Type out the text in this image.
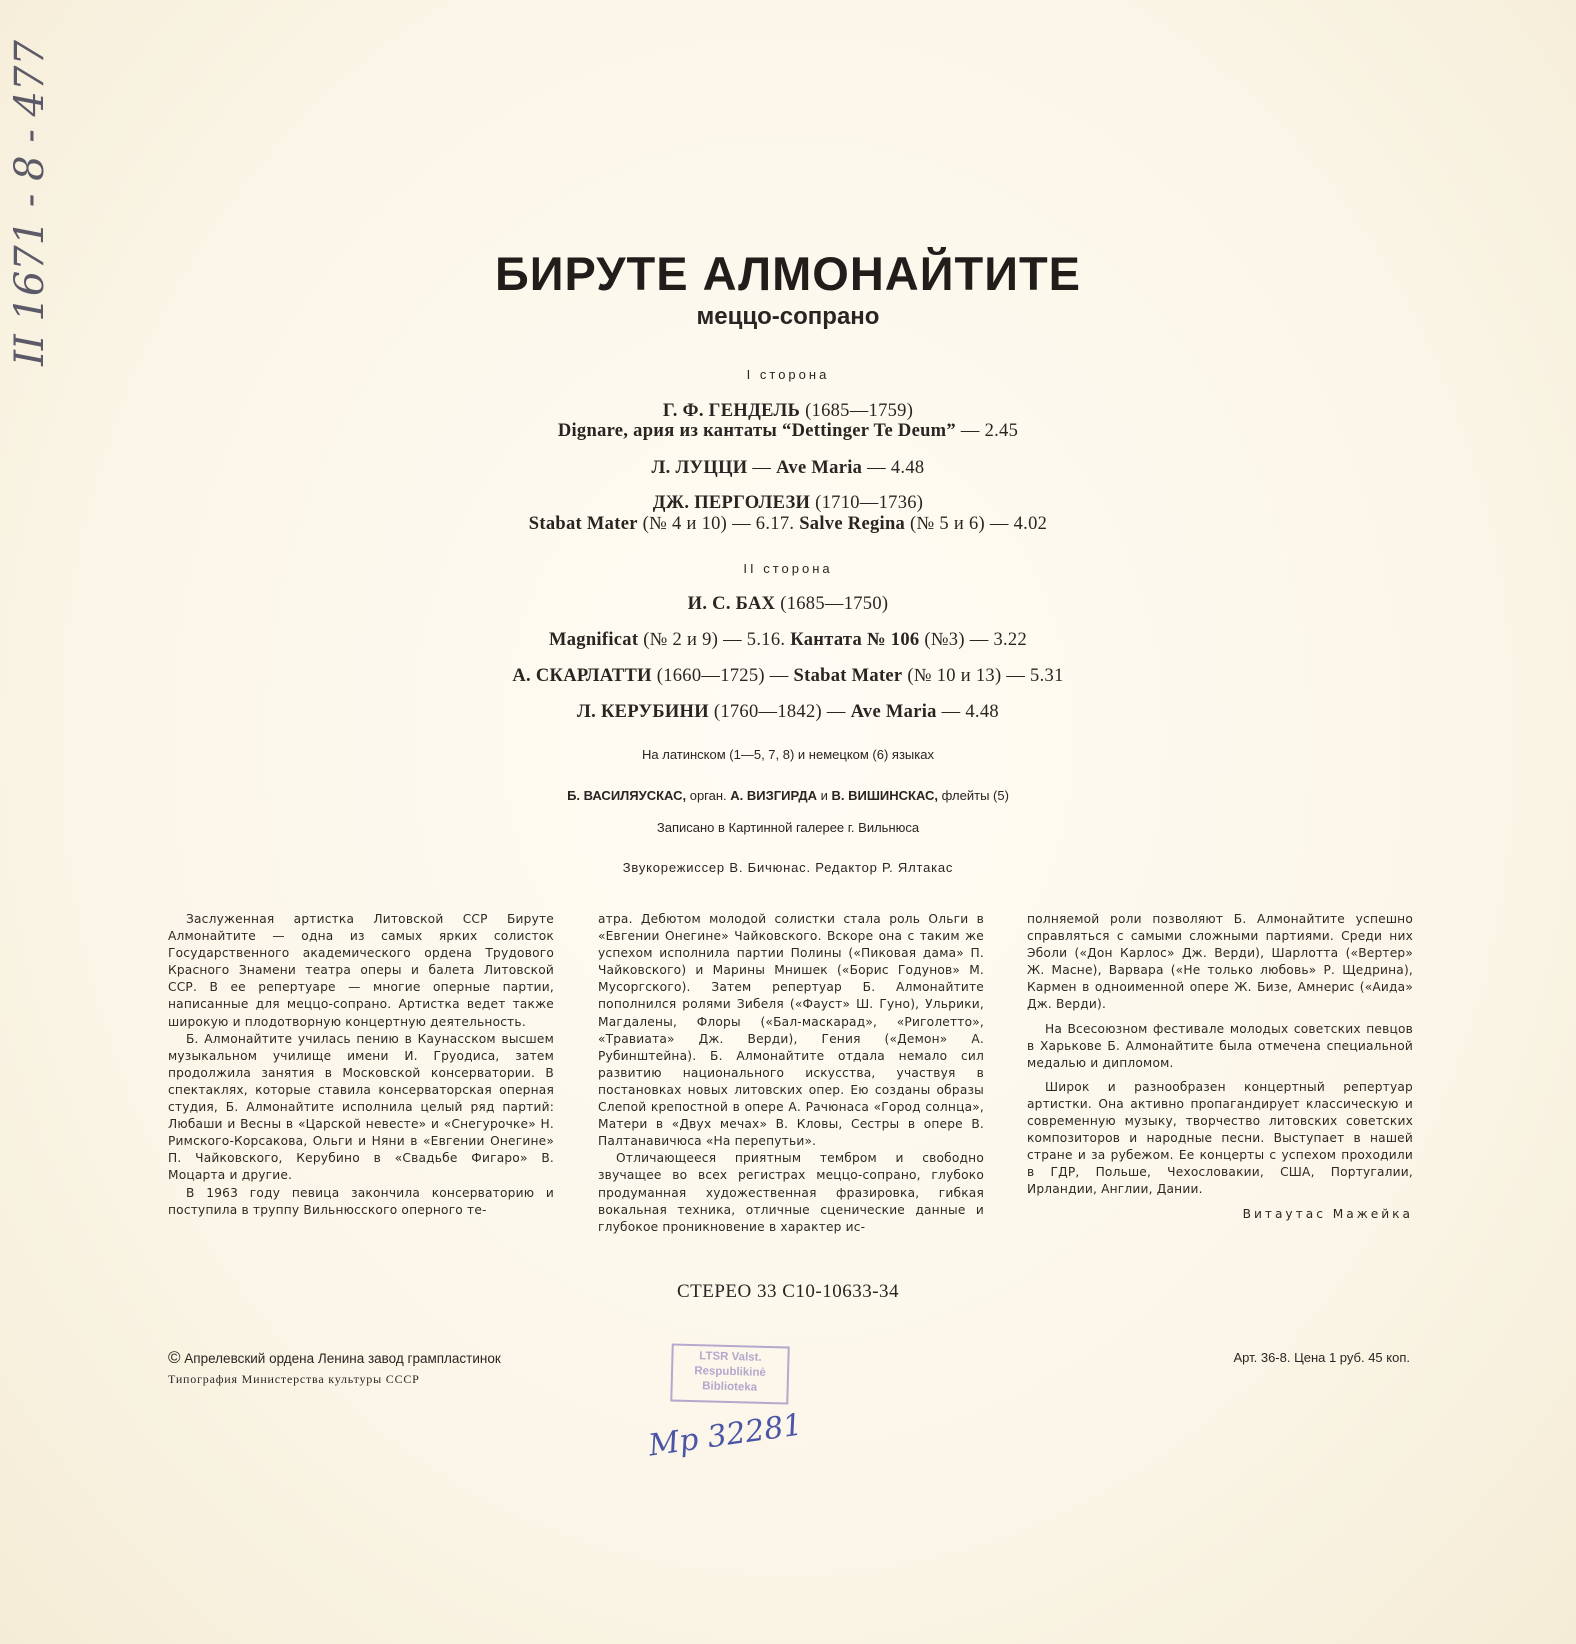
БИРУТЕ АЛМОНАЙТИТЕ
меццо-сопрано
I сторона
Г. Ф. ГЕНДЕЛЬ (1685—1759)
Dignare, ария из кантаты “Dettinger Te Deum” — 2.45
Л. ЛУЦЦИ — Ave Maria — 4.48
ДЖ. ПЕРГОЛЕЗИ (1710—1736)
Stabat Mater (№ 4 и 10) — 6.17. Salve Regina (№ 5 и 6) — 4.02
II сторона
И. С. БАХ (1685—1750)
Magnificat (№ 2 и 9) — 5.16. Кантата № 106 (№3) — 3.22
А. СКАРЛАТТИ (1660—1725) — Stabat Mater (№ 10 и 13) — 5.31
Л. КЕРУБИНИ (1760—1842) — Ave Maria — 4.48
На латинском (1—5, 7, 8) и немецком (6) языках
Б. ВАСИЛЯУСКАС, орган. А. ВИЗГИРДА и В. ВИШИНСКАС, флейты (5)
Записано в Картинной галерее г. Вильнюса
Звукорежиссер В. Бичюнас. Редактор Р. Ялтакас

Заслуженная артистка Литовской ССР Бируте Алмонайтите — одна из самых ярких солисток Государственного академического ордена Трудового Красного Знамени театра оперы и балета Литовской ССР. В ее репертуаре — многие оперные партии, написанные для меццо-сопрано. Артистка ведет также широкую и плодотворную концертную деятельность.

Б. Алмонайтите училась пению в Каунасском высшем музыкальном училище имени И. Груодиса, затем продолжила занятия в Московской консерватории. В спектаклях, которые ставила консерваторская оперная студия, Б. Алмонайтите исполнила целый ряд партий: Любаши и Весны в «Царской невесте» и «Снегурочке» Н. Римского-Корсакова, Ольги и Няни в «Евгении Онегине» П. Чайковского, Керубино в «Свадьбе Фигаро» В. Моцарта и другие.

В 1963 году певица закончила консерваторию и поступила в труппу Вильнюсского оперного те-

атра. Дебютом молодой солистки стала роль Ольги в «Евгении Онегине» Чайковского. Вскоре она с таким же успехом исполнила партии Полины («Пиковая дама» П. Чайковского) и Марины Мнишек («Борис Годунов» М. Мусоргского). Затем репертуар Б. Алмонайтите пополнился ролями Зибеля («Фауст» Ш. Гуно), Ульрики, Магдалены, Флоры («Бал-маскарад», «Риголетто», «Травиата» Дж. Верди), Гения («Демон» А. Рубинштейна). Б. Алмонайтите отдала немало сил развитию национального искусства, участвуя в постановках новых литовских опер. Ею созданы образы Слепой крепостной в опере А. Рачюнаса «Город солнца», Матери в «Двух мечах» В. Кловы, Сестры в опере В. Палтанавичюса «На перепутьи».

Отличающееся приятным тембром и свободно звучащее во всех регистрах меццо-сопрано, глубоко продуманная художественная фразировка, гибкая вокальная техника, отличные сценические данные и глубокое проникновение в характер ис-

полняемой роли позволяют Б. Алмонайтите успешно справляться с самыми сложными партиями. Среди них Эболи («Дон Карлос» Дж. Верди), Шарлотта («Вертер» Ж. Масне), Варвара («Не только любовь» Р. Щедрина), Кармен в одноименной опере Ж. Бизе, Амнерис («Аида» Дж. Верди).

На Всесоюзном фестивале молодых советских певцов в Харькове Б. Алмонайтите была отмечена специальной медалью и дипломом.

Широк и разнообразен концертный репертуар артистки. Она активно пропагандирует классическую и современную музыку, творчество литовских советских композиторов и народные песни. Выступает в нашей стране и за рубежом. Ее концерты с успехом проходили в ГДР, Польше, Чехословакии, США, Португалии, Ирландии, Англии, Дании.

Витаутас Мажейка
СТЕРЕО 33 С10-10633-34
© Апрелевский ордена Ленина завод грампластинок
Типография Министерства культуры СССР
Арт. 36-8. Цена 1 руб. 45 коп.
LTSR Valst.
Respublikinė
Biblioteka
Мр 32281
II 1671 - 8 - 477
